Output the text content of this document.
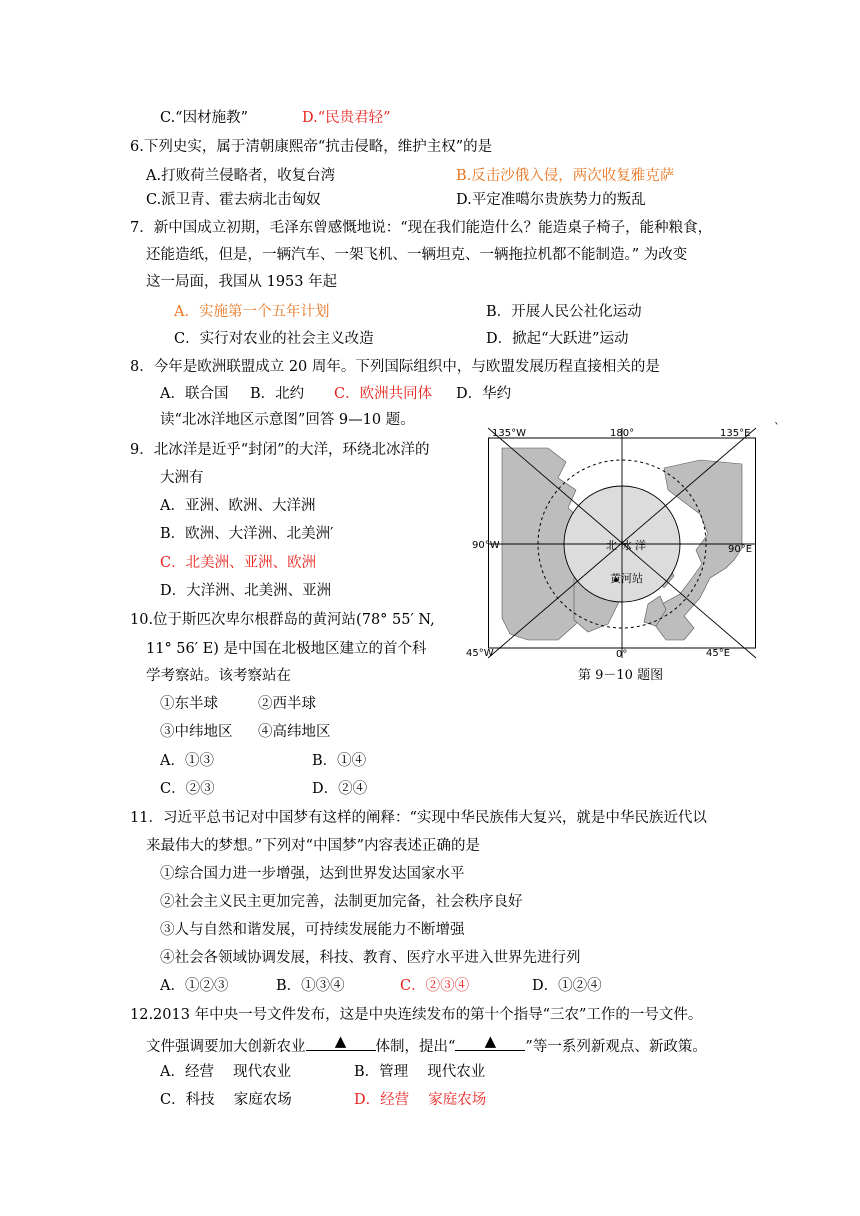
C.“因材施教”	D.“民贵君轻”
6.下列史实，属于清朝康熙帝“抗击侵略，维护主权”的是
A.打败荷兰侵略者，收复台湾	B.反击沙俄入侵，两次收复雅克萨
C.派卫青、霍去病北击匈奴	D.平定准噶尔贵族势力的叛乱
7．新中国成立初期，毛泽东曾感慨地说：“现在我们能造什么？能造桌子椅子，能种粮食，
还能造纸，但是，一辆汽车、一架飞机、一辆坦克、一辆拖拉机都不能制造。” 为改变
这一局面，我国从 1953 年起
A．实施第一个五年计划	B．开展人民公社化运动
C．实行对农业的社会主义改造	D．掀起“大跃进”运动
8．今年是欧洲联盟成立 20 周年。下列国际组织中，与欧盟发展历程直接相关的是
A．联合国 B．北约 C．欧洲共同体 D．华约
读“北冰洋地区示意图”回答 9—10 题。
9．北冰洋是近乎“封闭”的大洋，环绕北冰洋的
大洲有
A．亚洲、欧洲、大洋洲
B．欧洲、大洋洲、北美洲′
C．北美洲、亚洲、欧洲
D．大洋洲、北美洲、亚洲
10.位于斯匹次卑尔根群岛的黄河站(78° 55′ N,
11° 56′ E) 是中国在北极地区建立的首个科
学考察站。该考察站在
①东半球	②西半球
③中纬地区 ④高纬地区
A．①③	B．①④
C．②③	D．②④
135°W	180°	135°E
90°W	90°E
45°W	0°	45°E
北 冰 洋
黄河站
`
第 9－10 题图
11．习近平总书记对中国梦有这样的阐释：“实现中华民族伟大复兴，就是中华民族近代以
来最伟大的梦想。”下列对“中国梦”内容表述正确的是
①综合国力进一步增强，达到世界发达国家水平
②社会主义民主更加完善，法制更加完备，社会秩序良好
③人与自然和谐发展，可持续发展能力不断增强
④社会各领域协调发展，科技、教育、医疗水平进入世界先进行列
A．①②③	B．①③④	C．②③④	D．①②④
12.2013 年中央一号文件发布，这是中央连续发布的第十个指导“三农”工作的一号文件。
文件强调要加大创新农业 ▲ 体制，提出“ ▲ ”等一系列新观点、新政策。
A．经营　 现代农业	B．管理　 现代农业
C．科技　 家庭农场	D．经营　 家庭农场
